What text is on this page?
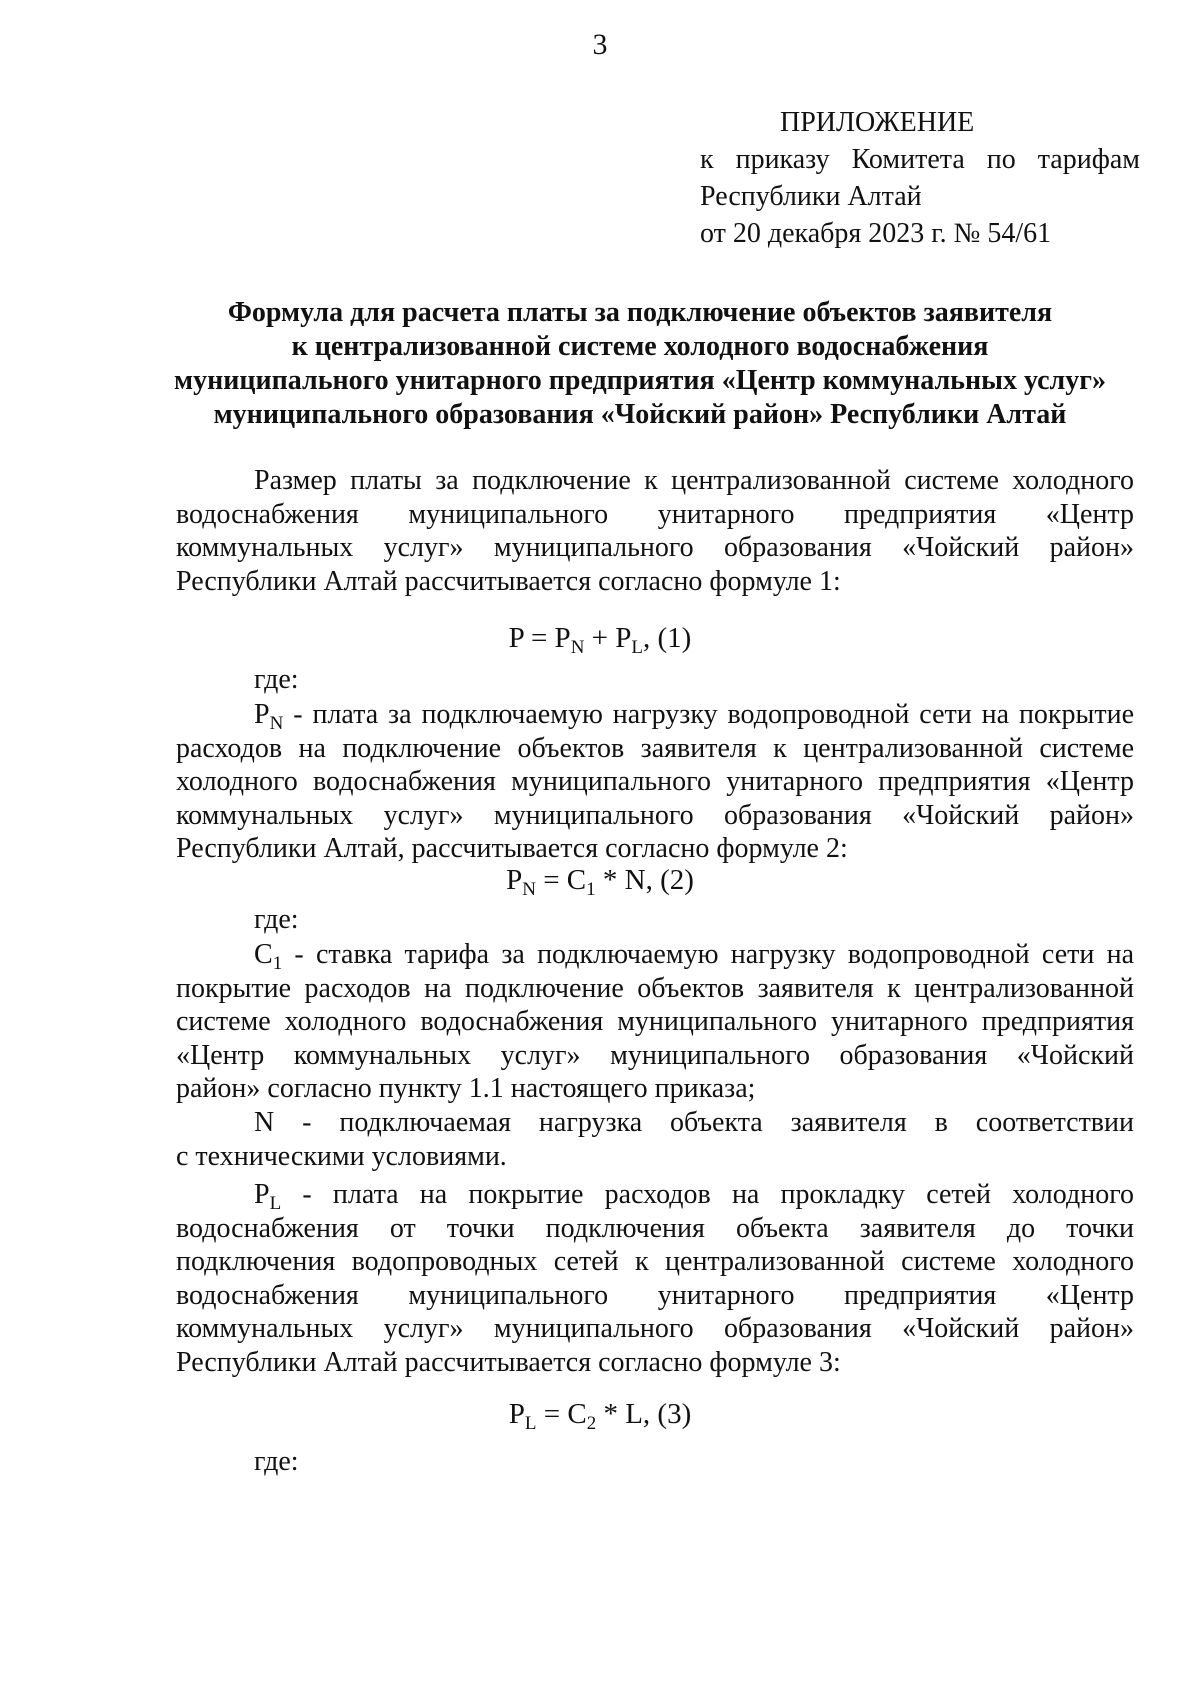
3
ПРИЛОЖЕНИЕ
к приказу Комитета по тарифам
Республики Алтай
от 20 декабря 2023 г. № 54/61
Формула для расчета платы за подключение объектов заявителя
к централизованной системе холодного водоснабжения
муниципального унитарного предприятия «Центр коммунальных услуг»
муниципального образования «Чойский район» Республики Алтай
Размер платы за подключение к централизованной системе холодного
водоснабжения муниципального унитарного предприятия «Центр
коммунальных услуг» муниципального образования «Чойский район»
Республики Алтай рассчитывается согласно формуле 1:
$P = P_N + P_L$, (1)
где:
$P_N$ - плата за подключаемую нагрузку водопроводной сети на покрытие
расходов на подключение объектов заявителя к централизованной системе
холодного водоснабжения муниципального унитарного предприятия «Центр
коммунальных услуг» муниципального образования «Чойский район»
Республики Алтай, рассчитывается согласно формуле 2:
$P_N = C_1 * N$, (2)
где:
$C_1$ - ставка тарифа за подключаемую нагрузку водопроводной сети на
покрытие расходов на подключение объектов заявителя к централизованной
системе холодного водоснабжения муниципального унитарного предприятия
«Центр коммунальных услуг» муниципального образования «Чойский
район» согласно пункту 1.1 настоящего приказа;
N - подключаемая нагрузка объекта заявителя в соответствии
с техническими условиями.
$P_L$ - плата на покрытие расходов на прокладку сетей холодного
водоснабжения от точки подключения объекта заявителя до точки
подключения водопроводных сетей к централизованной системе холодного
водоснабжения муниципального унитарного предприятия «Центр
коммунальных услуг» муниципального образования «Чойский район»
Республики Алтай рассчитывается согласно формуле 3:
$P_L = C_2 * L$, (3)
где:
